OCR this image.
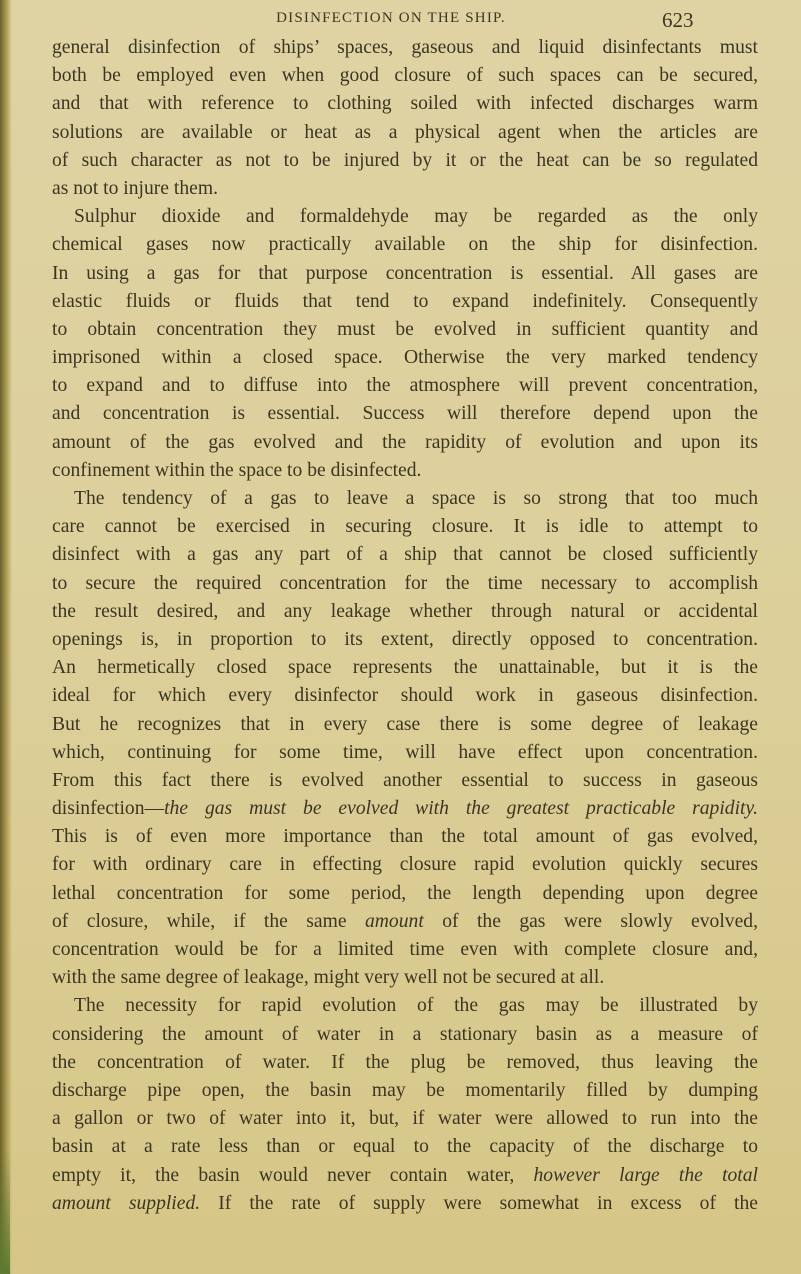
DISINFECTION ON THE SHIP.	623
general disinfection of ships’ spaces, gaseous and liquid disinfectants must
both be employed even when good closure of such spaces can be secured,
and that with reference to clothing soiled with infected discharges warm
solutions are available or heat as a physical agent when the articles are
of such character as not to be injured by it or the heat can be so regulated
as not to injure them.
Sulphur dioxide and formaldehyde may be regarded as the only
chemical gases now practically available on the ship for disinfection.
In using a gas for that purpose concentration is essential. All gases are
elastic fluids or fluids that tend to expand indefinitely. Consequently
to obtain concentration they must be evolved in sufficient quantity and
imprisoned within a closed space. Otherwise the very marked tendency
to expand and to diffuse into the atmosphere will prevent concentration,
and concentration is essential. Success will therefore depend upon the
amount of the gas evolved and the rapidity of evolution and upon its
confinement within the space to be disinfected.
The tendency of a gas to leave a space is so strong that too much
care cannot be exercised in securing closure. It is idle to attempt to
disinfect with a gas any part of a ship that cannot be closed sufficiently
to secure the required concentration for the time necessary to accomplish
the result desired, and any leakage whether through natural or accidental
openings is, in proportion to its extent, directly opposed to concentration.
An hermetically closed space represents the unattainable, but it is the
ideal for which every disinfector should work in gaseous disinfection.
But he recognizes that in every case there is some degree of leakage
which, continuing for some time, will have effect upon concentration.
From this fact there is evolved another essential to success in gaseous
disinfection—the gas must be evolved with the greatest practicable rapidity.
This is of even more importance than the total amount of gas evolved,
for with ordinary care in effecting closure rapid evolution quickly secures
lethal concentration for some period, the length depending upon degree
of closure, while, if the same amount of the gas were slowly evolved,
concentration would be for a limited time even with complete closure and,
with the same degree of leakage, might very well not be secured at all.
The necessity for rapid evolution of the gas may be illustrated by
considering the amount of water in a stationary basin as a measure of
the concentration of water. If the plug be removed, thus leaving the
discharge pipe open, the basin may be momentarily filled by dumping
a gallon or two of water into it, but, if water were allowed to run into the
basin at a rate less than or equal to the capacity of the discharge to
empty it, the basin would never contain water, however large the total
amount supplied. If the rate of supply were somewhat in excess of the
